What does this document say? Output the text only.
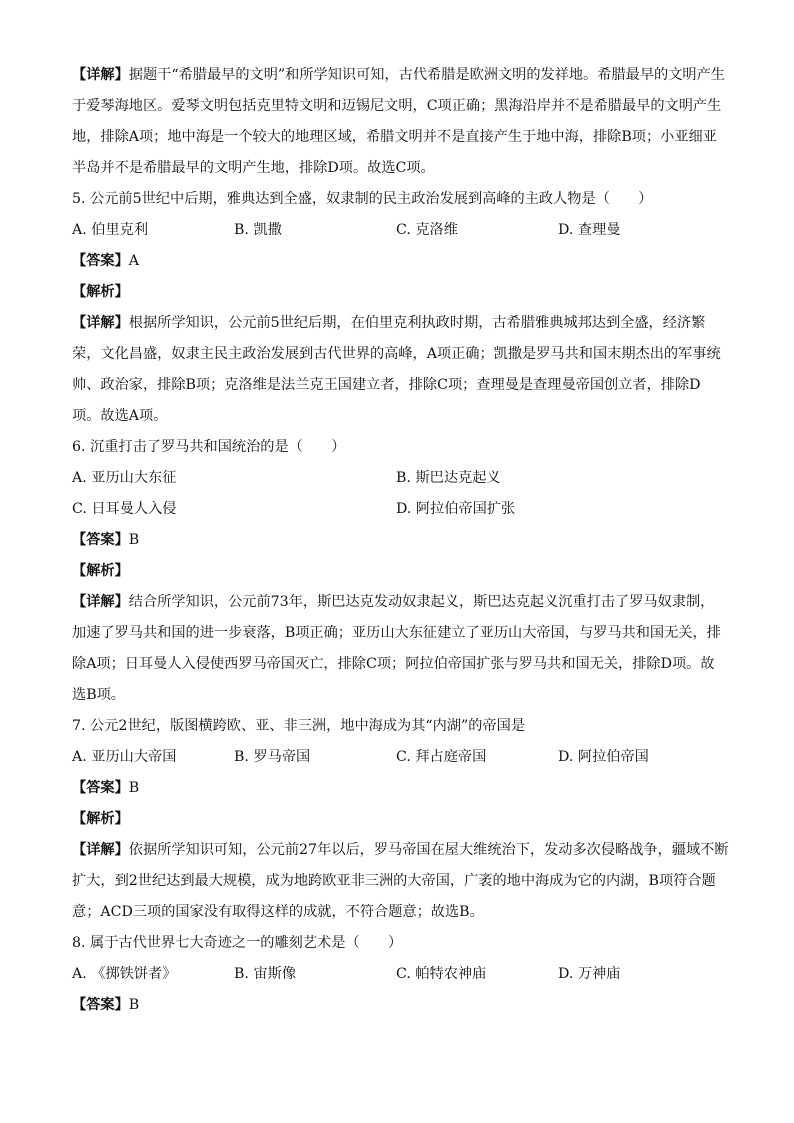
【详解】据题干“希腊最早的文明”和所学知识可知，古代希腊是欧洲文明的发祥地。希腊最早的文明产生
于爱琴海地区。爱琴文明包括克里特文明和迈锡尼文明，C项正确；黑海沿岸并不是希腊最早的文明产生
地，排除A项；地中海是一个较大的地理区域，希腊文明并不是直接产生于地中海，排除B项；小亚细亚
半岛并不是希腊最早的文明产生地，排除D项。故选C项。
5. 公元前5世纪中后期，雅典达到全盛，奴隶制的民主政治发展到高峰的主政人物是（　　）
A. 伯里克利	B. 凯撒	C. 克洛维	D. 查理曼
【答案】A
【解析】
【详解】根据所学知识，公元前5世纪后期，在伯里克利执政时期，古希腊雅典城邦达到全盛，经济繁
荣，文化昌盛，奴隶主民主政治发展到古代世界的高峰，A项正确；凯撒是罗马共和国末期杰出的军事统
帅、政治家，排除B项；克洛维是法兰克王国建立者，排除C项；查理曼是查理曼帝国创立者，排除D
项。故选A项。
6. 沉重打击了罗马共和国统治的是（　　）
A. 亚历山大东征	B. 斯巴达克起义
C. 日耳曼人入侵	D. 阿拉伯帝国扩张
【答案】B
【解析】
【详解】结合所学知识，公元前73年，斯巴达克发动奴隶起义，斯巴达克起义沉重打击了罗马奴隶制，
加速了罗马共和国的进一步衰落，B项正确；亚历山大东征建立了亚历山大帝国，与罗马共和国无关，排
除A项；日耳曼人入侵使西罗马帝国灭亡，排除C项；阿拉伯帝国扩张与罗马共和国无关，排除D项。故
选B项。
7. 公元2世纪，版图横跨欧、亚、非三洲，地中海成为其“内湖”的帝国是
A. 亚历山大帝国	B. 罗马帝国	C. 拜占庭帝国	D. 阿拉伯帝国
【答案】B
【解析】
【详解】依据所学知识可知，公元前27年以后，罗马帝国在屋大维统治下，发动多次侵略战争，疆域不断
扩大，到2世纪达到最大规模，成为地跨欧亚非三洲的大帝国，广袤的地中海成为它的内湖，B项符合题
意；ACD三项的国家没有取得这样的成就，不符合题意；故选B。
8. 属于古代世界七大奇迹之一的雕刻艺术是（　　）
A. 《掷铁饼者》	B. 宙斯像	C. 帕特农神庙	D. 万神庙
【答案】B
